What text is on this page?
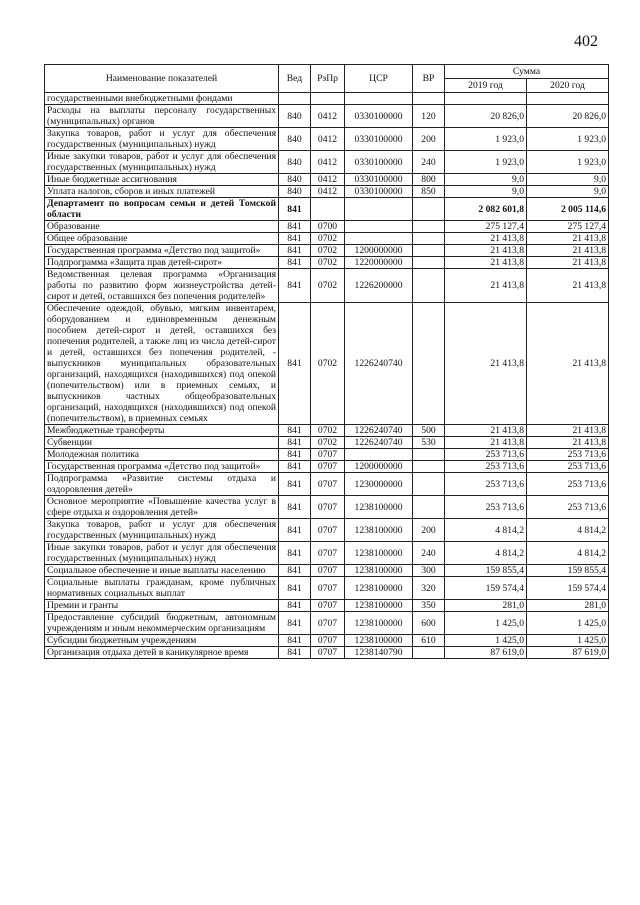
402
Наименование показателей	Вед	РзПр	ЦСР	ВР	Сумма	
					2019 год	2020 год
государственными внебюджетными фондами						
Расходы на выплаты персоналу государственных (муниципальных) органов	840	0412	0330100000	120	20 826,0	20 826,0
Закупка товаров, работ и услуг для обеспечения государственных (муниципальных) нужд	840	0412	0330100000	200	1 923,0	1 923,0
Иные закупки товаров, работ и услуг для обеспечения государственных (муниципальных) нужд	840	0412	0330100000	240	1 923,0	1 923,0
Иные бюджетные ассигнования	840	0412	0330100000	800	9,0	9,0
Уплата налогов, сборов и иных платежей	840	0412	0330100000	850	9,0	9,0
Департамент по вопросам семьи и детей Томской области	841				2 082 601,8	2 005 114,6
Образование	841	0700			275 127,4	275 127,4
Общее образование	841	0702			21 413,8	21 413,8
Государственная программа «Детство под защитой»	841	0702	1200000000		21 413,8	21 413,8
Подпрограмма «Защита прав детей-сирот»	841	0702	1220000000		21 413,8	21 413,8
Ведомственная целевая программа «Организация работы по развитию форм жизнеустройства детей-сирот и детей, оставшихся без попечения родителей»	841	0702	1226200000		21 413,8	21 413,8
Обеспечение одеждой, обувью, мягким инвентарем, оборудованием и единовременным денежным пособием детей-сирот и детей, оставшихся без попечения родителей, а также лиц из числа детей-сирот и детей, оставшихся без попечения родителей, - выпускников муниципальных образовательных организаций, находящихся (находившихся) под опекой (попечительством) или в приемных семьях, и выпускников частных общеобразовательных организаций, находящихся (находившихся) под опекой (попечительством), в приемных семьях	841	0702	1226240740		21 413,8	21 413,8
Межбюджетные трансферты	841	0702	1226240740	500	21 413,8	21 413,8
Субвенции	841	0702	1226240740	530	21 413,8	21 413,8
Молодежная политика	841	0707			253 713,6	253 713,6
Государственная программа «Детство под защитой»	841	0707	1200000000		253 713,6	253 713,6
Подпрограмма «Развитие системы отдыха и оздоровления детей»	841	0707	1230000000		253 713,6	253 713,6
Основное мероприятие «Повышение качества услуг в сфере отдыха и оздоровления детей»	841	0707	1238100000		253 713,6	253 713,6
Закупка товаров, работ и услуг для обеспечения государственных (муниципальных) нужд	841	0707	1238100000	200	4 814,2	4 814,2
Иные закупки товаров, работ и услуг для обеспечения государственных (муниципальных) нужд	841	0707	1238100000	240	4 814,2	4 814,2
Социальное обеспечение и иные выплаты населению	841	0707	1238100000	300	159 855,4	159 855,4
Социальные выплаты гражданам, кроме публичных нормативных социальных выплат	841	0707	1238100000	320	159 574,4	159 574,4
Премии и гранты	841	0707	1238100000	350	281,0	281,0
Предоставление субсидий бюджетным, автономным учреждениям и иным некоммерческим организациям	841	0707	1238100000	600	1 425,0	1 425,0
Субсидии бюджетным учреждениям	841	0707	1238100000	610	1 425,0	1 425,0
Организация отдыха детей в каникулярное время	841	0707	1238140790		87 619,0	87 619,0
